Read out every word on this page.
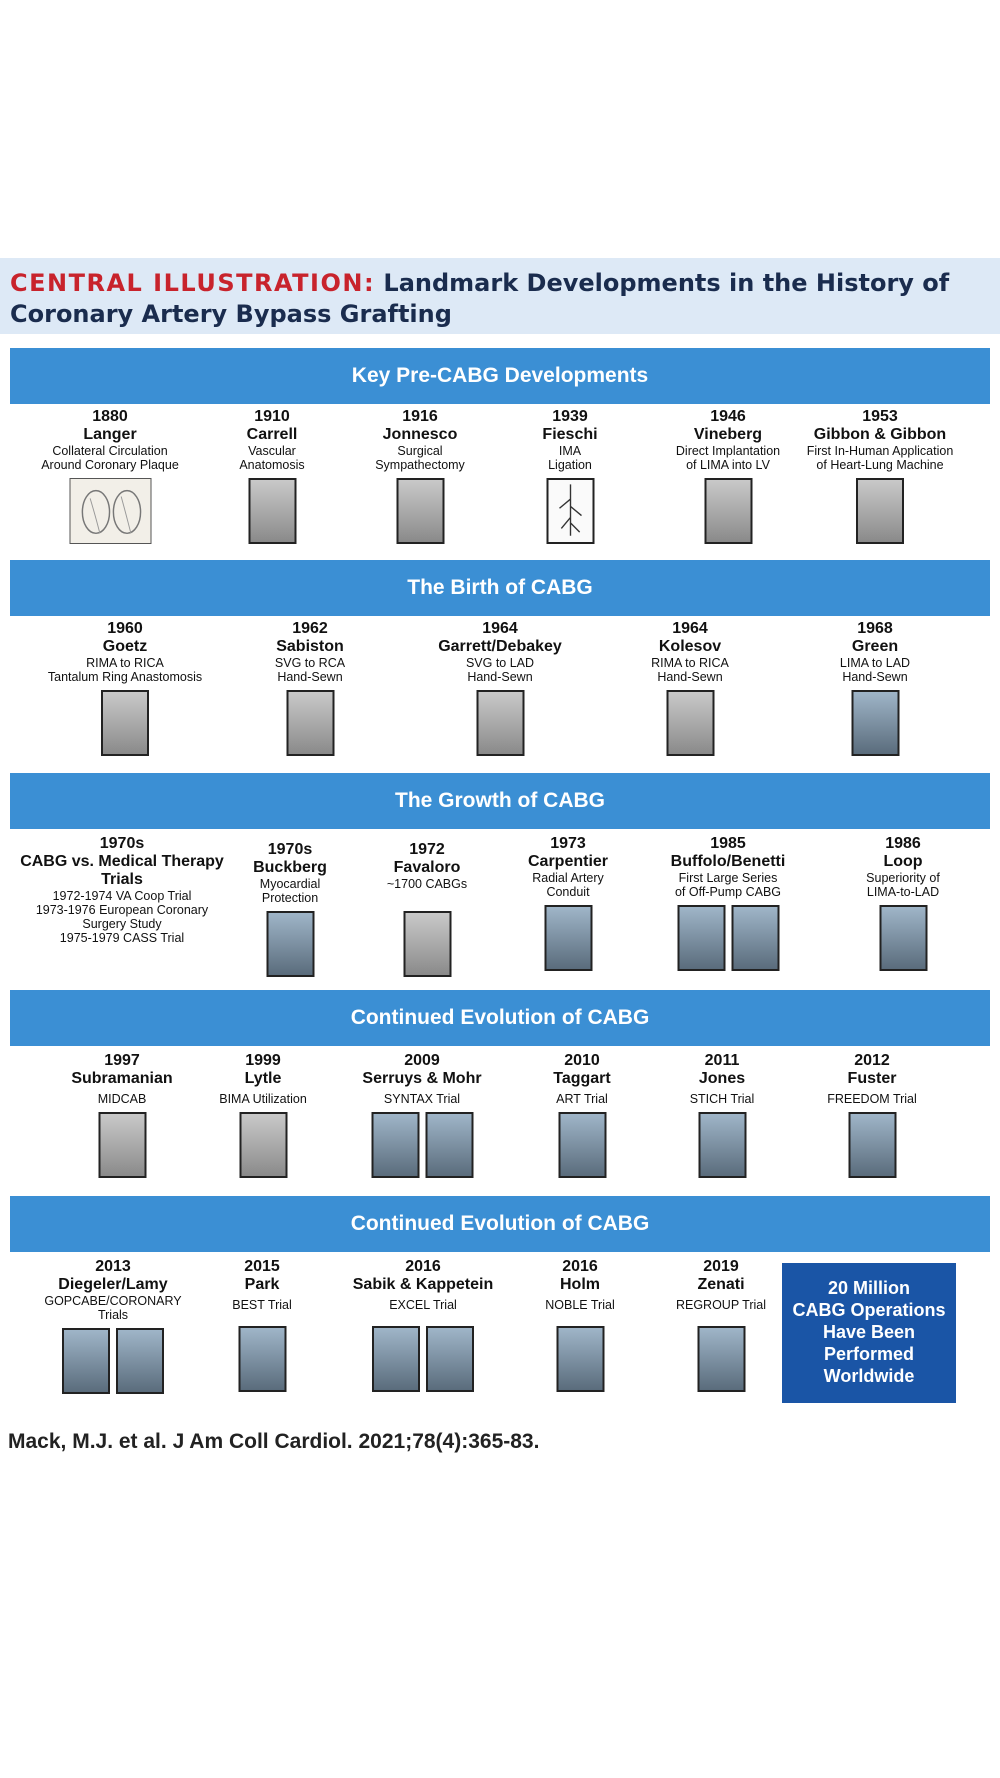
CENTRAL ILLUSTRATION: Landmark Developments in the History of Coronary Artery Bypass Grafting
Key Pre-CABG Developments
1880
Langer
Collateral Circulation
Around Coronary Plaque
1910
Carrell
Vascular
Anatomosis
1916
Jonnesco
Surgical
Sympathectomy
1939
Fieschi
IMA
Ligation
1946
Vineberg
Direct Implantation
of LIMA into LV
1953
Gibbon & Gibbon
First In-Human Application
of Heart-Lung Machine
The Birth of CABG
1960
Goetz
RIMA to RICA
Tantalum Ring Anastomosis
1962
Sabiston
SVG to RCA
Hand-Sewn
1964
Garrett/Debakey
SVG to LAD
Hand-Sewn
1964
Kolesov
RIMA to RICA
Hand-Sewn
1968
Green
LIMA to LAD
Hand-Sewn
The Growth of CABG
1970s
CABG vs. Medical Therapy Trials
1972-1974 VA Coop Trial
1973-1976 European Coronary
Surgery Study
1975-1979 CASS Trial
1970s
Buckberg
Myocardial
Protection
1972
Favaloro
~1700 CABGs
1973
Carpentier
Radial Artery
Conduit
1985
Buffolo/Benetti
First Large Series
of Off-Pump CABG
1986
Loop
Superiority of
LIMA-to-LAD
Continued Evolution of CABG
1997
Subramanian
MIDCAB
1999
Lytle
BIMA Utilization
2009
Serruys & Mohr
SYNTAX Trial
2010
Taggart
ART Trial
2011
Jones
STICH Trial
2012
Fuster
FREEDOM Trial
Continued Evolution of CABG
2013
Diegeler/Lamy
GOPCABE/CORONARY
Trials
2015
Park
BEST Trial
2016
Sabik & Kappetein
EXCEL Trial
2016
Holm
NOBLE Trial
2019
Zenati
REGROUP Trial
20 Million
CABG Operations
Have Been
Performed
Worldwide
Mack, M.J. et al. J Am Coll Cardiol. 2021;78(4):365-83.
